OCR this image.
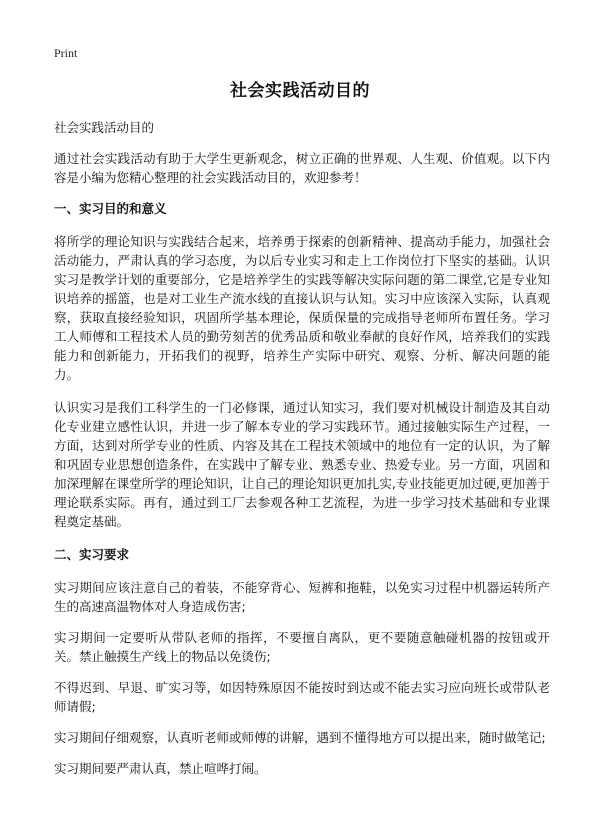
Print
社会实践活动目的

社会实践活动目的

通过社会实践活动有助于大学生更新观念，树立正确的世界观、人生观、价值观。以下内容是小编为您精心整理的社会实践活动目的，欢迎参考！

一、实习目的和意义

将所学的理论知识与实践结合起来，培养勇于探索的创新精神、提高动手能力，加强社会活动能力，严肃认真的学习态度，为以后专业实习和走上工作岗位打下坚实的基础。认识实习是教学计划的重要部分，它是培养学生的实践等解决实际问题的第二课堂,它是专业知识培养的摇篮，也是对工业生产流水线的直接认识与认知。实习中应该深入实际，认真观察，获取直接经验知识，巩固所学基本理论，保质保量的完成指导老师所布置任务。学习工人师傅和工程技术人员的勤劳刻苦的优秀品质和敬业奉献的良好作风，培养我们的实践能力和创新能力，开拓我们的视野，培养生产实际中研究、观察、分析、解决问题的能力。

认识实习是我们工科学生的一门必修课，通过认知实习，我们要对机械设计制造及其自动化专业建立感性认识，并进一步了解本专业的学习实践环节。通过接触实际生产过程，一方面，达到对所学专业的性质、内容及其在工程技术领域中的地位有一定的认识，为了解和巩固专业思想创造条件，在实践中了解专业、熟悉专业、热爱专业。另一方面，巩固和加深理解在课堂所学的理论知识，让自己的理论知识更加扎实,专业技能更加过硬,更加善于理论联系实际。再有，通过到工厂去参观各种工艺流程，为进一步学习技术基础和专业课程奠定基础。

二、实习要求

实习期间应该注意自己的着装，不能穿背心、短裤和拖鞋，以免实习过程中机器运转所产生的高速高温物体对人身造成伤害;

实习期间一定要听从带队老师的指挥，不要擅自离队，更不要随意触碰机器的按钮或开关。禁止触摸生产线上的物品以免烫伤;

不得迟到、早退、旷实习等，如因特殊原因不能按时到达或不能去实习应向班长或带队老师请假;

实习期间仔细观察，认真听老师或师傅的讲解，遇到不懂得地方可以提出来，随时做笔记;

实习期间要严肃认真，禁止喧哗打闹。
